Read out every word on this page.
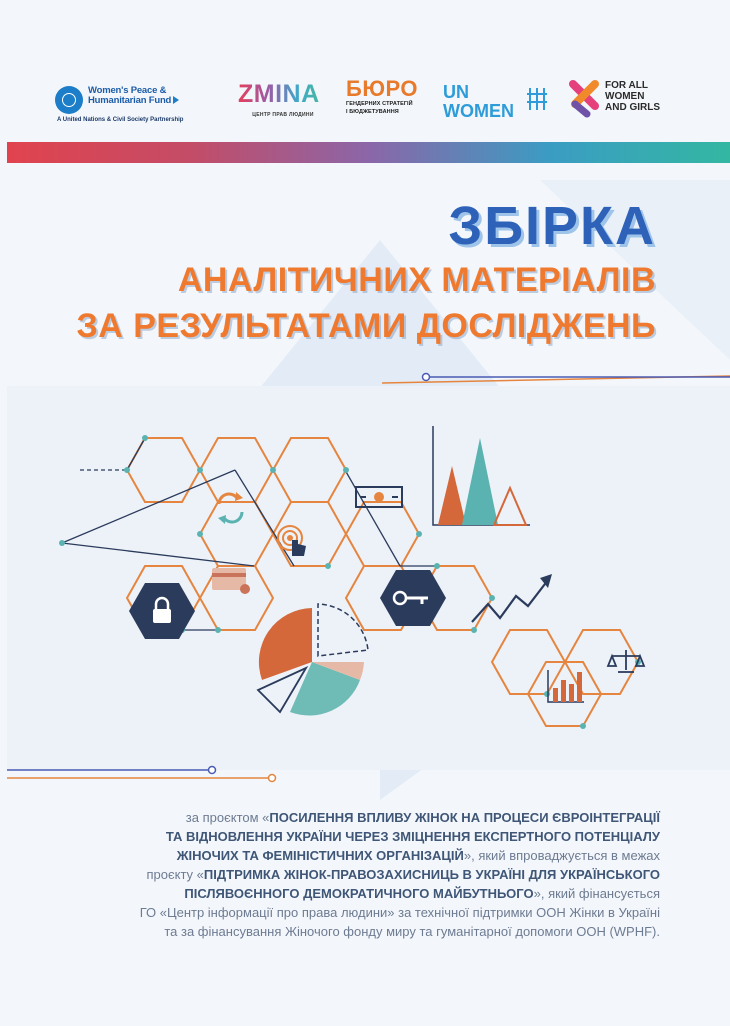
Women's Peace &
Humanitarian Fund
A United Nations & Civil Society Partnership
ZMINA
ЦЕНТР ПРАВ ЛЮДИНИ
БЮРО
ГЕНДЕРНИХ СТРАТЕГІЙ
І БЮДЖЕТУВАННЯ
UN
WOMEN
FOR ALL
WOMEN
AND GIRLS
ЗБІРКА
АНАЛІТИЧНИХ МАТЕРІАЛІВ
ЗА РЕЗУЛЬТАТАМИ ДОСЛІДЖЕНЬ
за проєктом «ПОСИЛЕННЯ ВПЛИВУ ЖІНОК НА ПРОЦЕСИ ЄВРОІНТЕГРАЦІЇ
ТА ВІДНОВЛЕННЯ УКРАЇНИ ЧЕРЕЗ ЗМІЦНЕННЯ ЕКСПЕРТНОГО ПОТЕНЦІАЛУ
ЖІНОЧИХ ТА ФЕМІНІСТИЧНИХ ОРГАНІЗАЦІЙ», який впроваджується в межах
проєкту «ПІДТРИМКА ЖІНОК-ПРАВОЗАХИСНИЦЬ В УКРАЇНІ ДЛЯ УКРАЇНСЬКОГО
ПІСЛЯВОЄННОГО ДЕМОКРАТИЧНОГО МАЙБУТНЬОГО», який фінансується
ГО «Центр інформації про права людини» за технічної підтримки ООН Жінки в Україні
та за фінансування Жіночого фонду миру та гуманітарної допомоги ООН (WPHF).
